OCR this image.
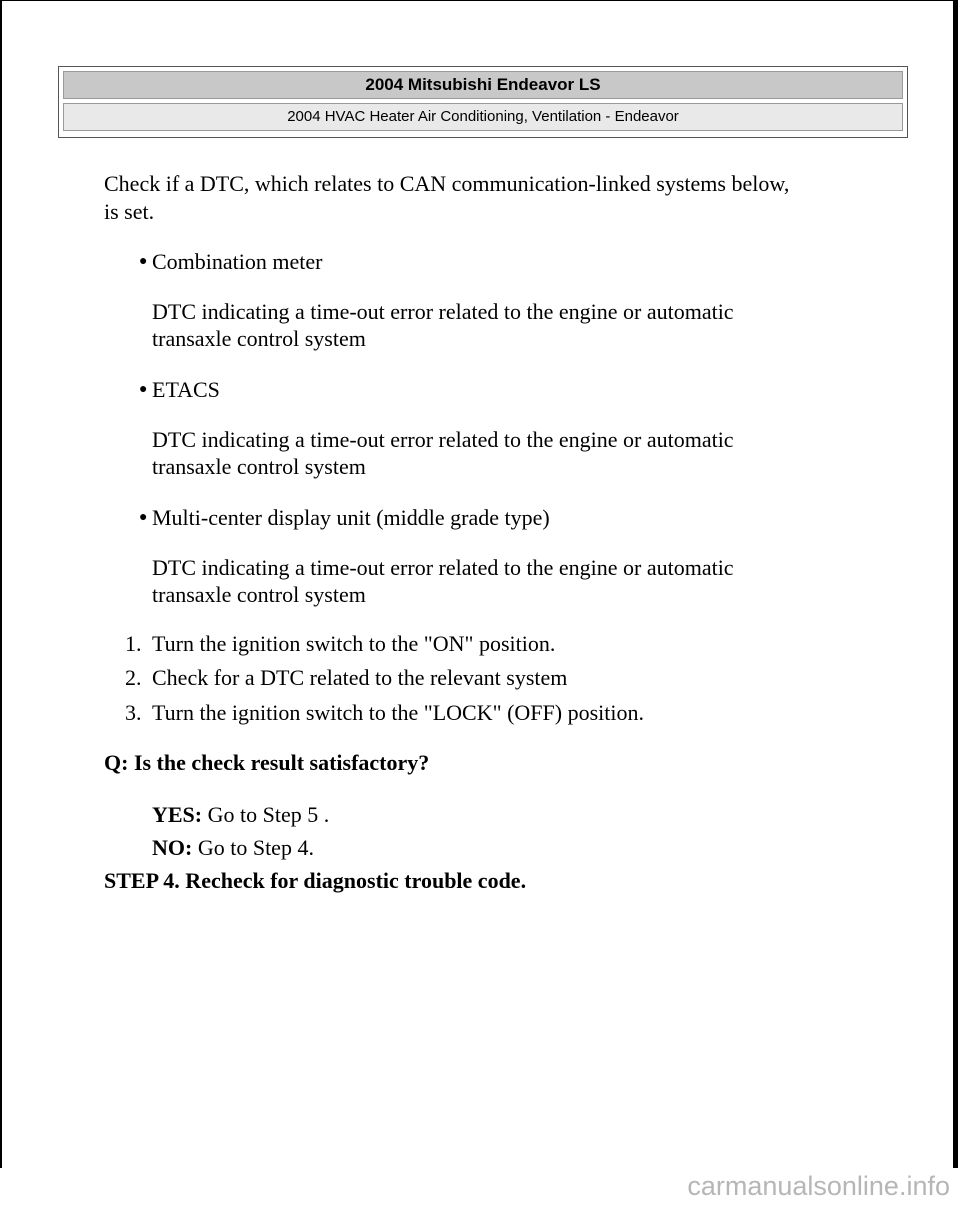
2004 Mitsubishi Endeavor LS
2004 HVAC Heater Air Conditioning, Ventilation - Endeavor

Check if a DTC, which relates to CAN communication-linked systems below,

is set.

● Combination meter

DTC indicating a time-out error related to the engine or automatic

transaxle control system

● ETACS

DTC indicating a time-out error related to the engine or automatic

transaxle control system

● Multi-center display unit (middle grade type)

DTC indicating a time-out error related to the engine or automatic

transaxle control system

1. Turn the ignition switch to the "ON" position.

2. Check for a DTC related to the relevant system

3. Turn the ignition switch to the "LOCK" (OFF) position.

Q: Is the check result satisfactory?

YES: Go to Step 5 .

NO: Go to Step 4.

STEP 4. Recheck for diagnostic trouble code.

carmanualsonline.info
